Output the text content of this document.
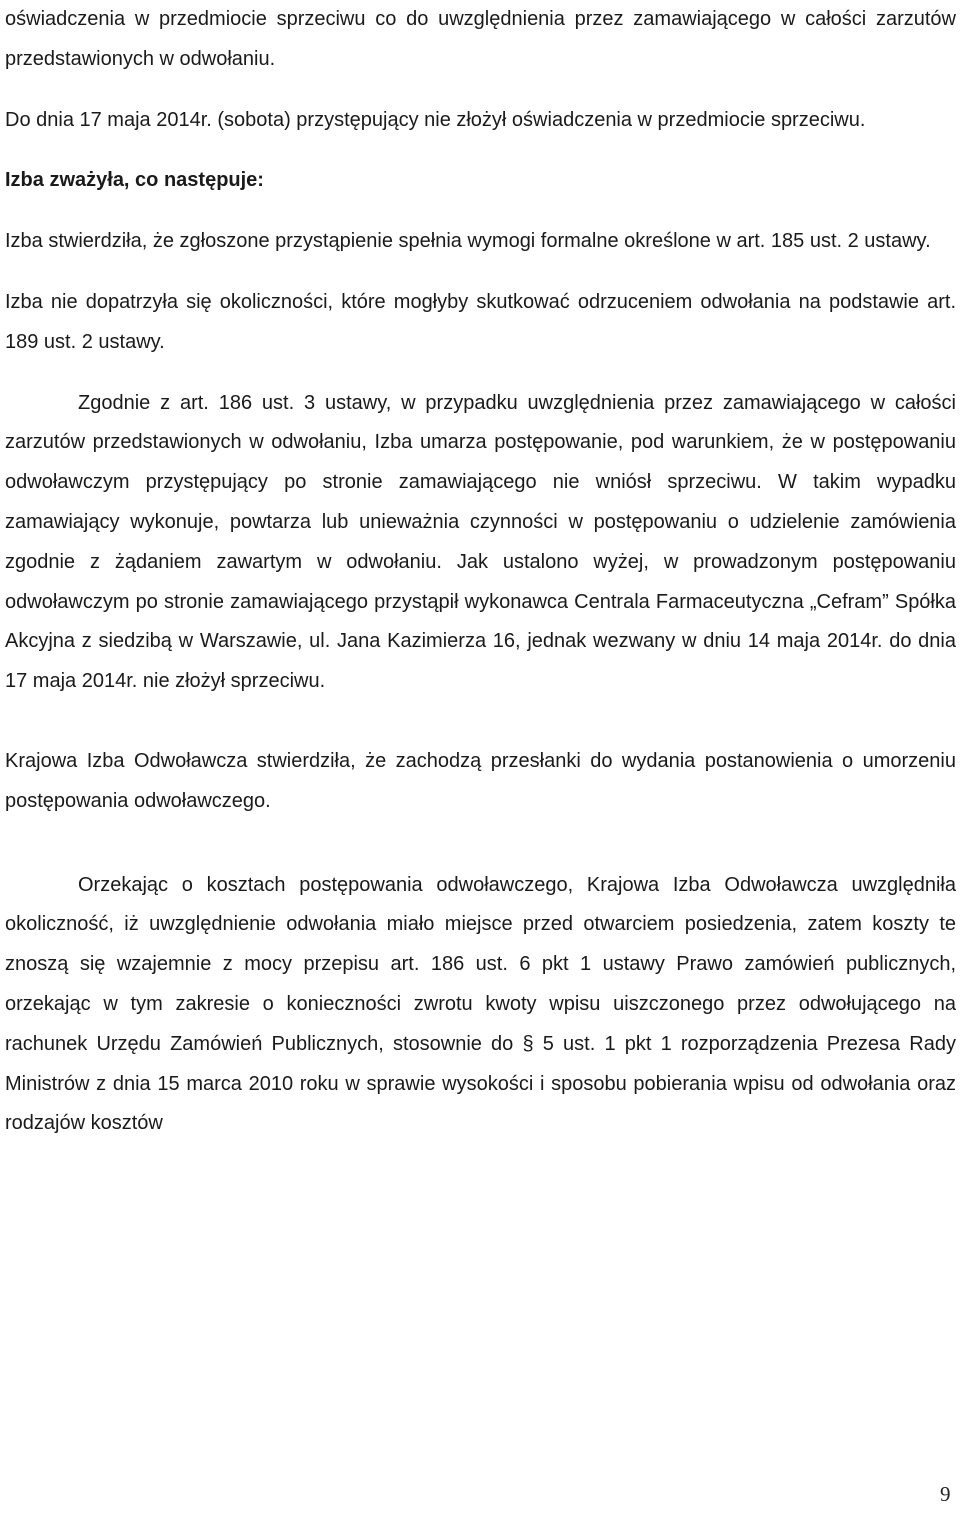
oświadczenia w przedmiocie sprzeciwu co do uwzględnienia przez zamawiającego w całości zarzutów przedstawionych w odwołaniu.

Do dnia 17 maja 2014r. (sobota) przystępujący nie złożył oświadczenia w przedmiocie sprzeciwu.

Izba zważyła, co następuje:

Izba stwierdziła, że zgłoszone przystąpienie spełnia wymogi formalne określone w art. 185 ust. 2 ustawy.

Izba nie dopatrzyła się okoliczności, które mogłyby skutkować odrzuceniem odwołania na podstawie art. 189 ust. 2 ustawy.

Zgodnie z art. 186 ust. 3 ustawy, w przypadku uwzględnienia przez zamawiającego w całości zarzutów przedstawionych w odwołaniu, Izba umarza postępowanie, pod warunkiem, że w postępowaniu odwoławczym przystępujący po stronie zamawiającego nie wniósł sprzeciwu. W takim wypadku zamawiający wykonuje, powtarza lub unieważnia czynności w postępowaniu o udzielenie zamówienia zgodnie z żądaniem zawartym w odwołaniu. Jak ustalono wyżej, w prowadzonym postępowaniu odwoławczym po stronie zamawiającego przystąpił wykonawca Centrala Farmaceutyczna „Cefram” Spółka Akcyjna z siedzibą w Warszawie, ul. Jana Kazimierza 16, jednak wezwany w dniu 14 maja 2014r. do dnia 17 maja 2014r. nie złożył sprzeciwu.

Krajowa Izba Odwoławcza stwierdziła, że zachodzą przesłanki do wydania postanowienia o umorzeniu postępowania odwoławczego.

Orzekając o kosztach postępowania odwoławczego, Krajowa Izba Odwoławcza uwzględniła okoliczność, iż uwzględnienie odwołania miało miejsce przed otwarciem posiedzenia, zatem koszty te znoszą się wzajemnie z mocy przepisu art. 186 ust. 6 pkt 1 ustawy Prawo zamówień publicznych, orzekając w tym zakresie o konieczności zwrotu kwoty wpisu uiszczonego przez odwołującego na rachunek Urzędu Zamówień Publicznych, stosownie do § 5 ust. 1 pkt 1 rozporządzenia Prezesa Rady Ministrów z dnia 15 marca 2010 roku w sprawie wysokości i sposobu pobierania wpisu od odwołania oraz rodzajów kosztów

9
